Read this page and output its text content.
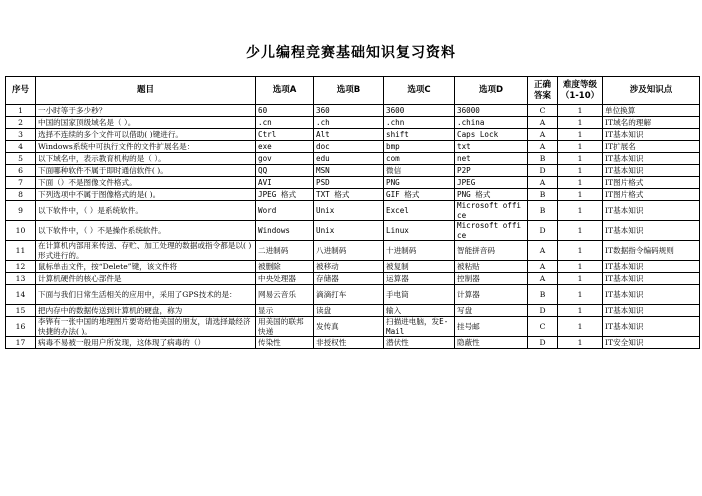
少儿编程竞赛基础知识复习资料
序号	题目	选项A	选项B	选项C	选项D	正确答案	难度等级（1-10）	涉及知识点
1	一小时等于多少秒？	60	360	3600	36000	C	1	单位换算
2	中国的国家顶级域名是（ ）。	.cn	.ch	.chn	.china	A	1	IT域名的理解
3	选择不连续的多个文件可以借助( )键进行。	Ctrl	Alt	shift	Caps Lock	A	1	IT基本知识
4	Windows系统中可执行文件的文件扩展名是：	exe	doc	bmp	txt	A	1	IT扩展名
5	以下域名中，表示教育机构的是（ ）。	gov	edu	com	net	B	1	IT基本知识
6	下面哪种软件不属于即时通信软件( )。	QQ	MSN	微信	P2P	D	1	IT基本知识
7	下面（）不是图像文件格式。	AVI	PSD	PNG	JPEG	A	1	IT图片格式
8	下列选项中不属于图像格式的是( )。	JPEG 格式	TXT 格式	GIF 格式	PNG 格式	B	1	IT图片格式
9	以下软件中，（ ）是系统软件。	Word	Unix	Excel	Microsoft office	B	1	IT基本知识
10	以下软件中，（ ）不是操作系统软件。	Windows	Unix	Linux	Microsoft office	D	1	IT基本知识
11	在计算机内部用来传送、存贮、加工处理的数据或指令都是以( )形式进行的。	二进制码	八进制码	十进制码	智能拼音码	A	1	IT数据指令编码规则
12	鼠标单击文件，按“Delete”键，该文件将	被删除	被移动	被复制	被粘贴	A	1	IT基本知识
13	计算机硬件的核心部件是	中央处理器	存储器	运算器	控制器	A	1	IT基本知识
14	下面与我们日常生活相关的应用中，采用了GPS技术的是：	网易云音乐	滴滴打车	手电筒	计算器	B	1	IT基本知识
15	把内存中的数据传送到计算机的硬盘，称为	显示	读盘	输入	写盘	D	1	IT基本知识
16	李铧有一张中国的地理图片要寄给他美国的朋友，请选择最经济快捷的办法( )。	用美国的联邦快递	发传真	扫描进电脑，发E-Mail	挂号邮	C	1	IT基本知识
17	病毒不易被一般用户所发现，这体现了病毒的（）	传染性	非授权性	潜伏性	隐蔽性	D	1	IT安全知识
